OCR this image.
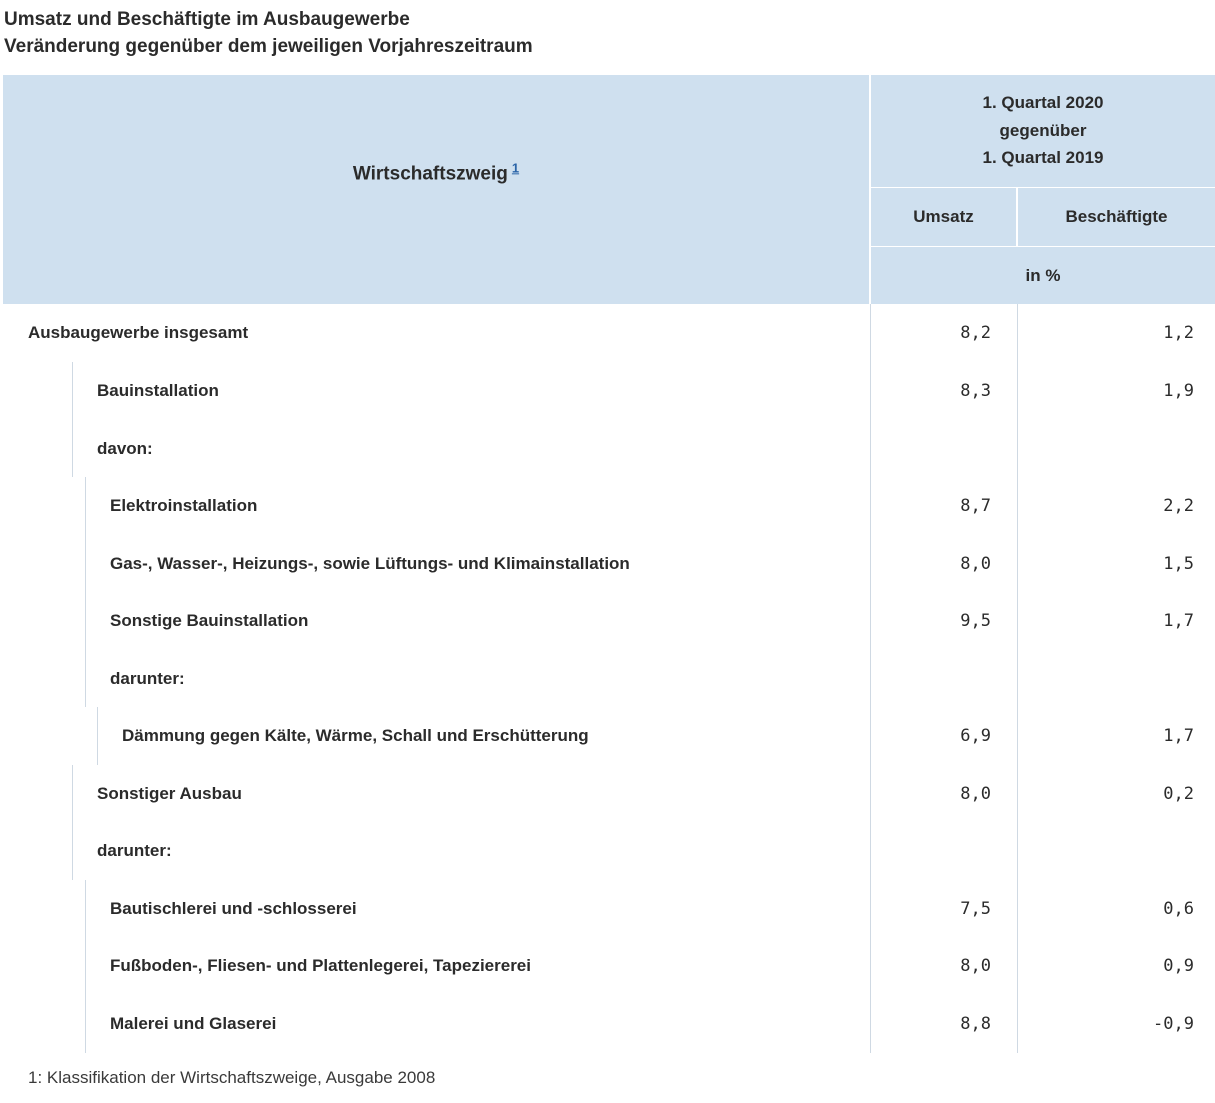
Umsatz und Beschäftigte im Ausbaugewerbe
Veränderung gegenüber dem jeweiligen Vorjahreszeitraum
Wirtschaftszweig $^1$
1. Quartal 2020
gegenüber
1. Quartal 2019
Umsatz	Beschäftigte
in %
Ausbaugewerbe insgesamt	8,2	1,2
Bauinstallation	8,3	1,9
davon:
Elektroinstallation	8,7	2,2
Gas-, Wasser-, Heizungs-, sowie Lüftungs- und Klimainstallation	8,0	1,5
Sonstige Bauinstallation	9,5	1,7
darunter:
Dämmung gegen Kälte, Wärme, Schall und Erschütterung	6,9	1,7
Sonstiger Ausbau	8,0	0,2
darunter:
Bautischlerei und -schlosserei	7,5	0,6
Fußboden-, Fliesen- und Plattenlegerei, Tapeziererei	8,0	0,9
Malerei und Glaserei	8,8	-0,9
1: Klassifikation der Wirtschaftszweige, Ausgabe 2008
